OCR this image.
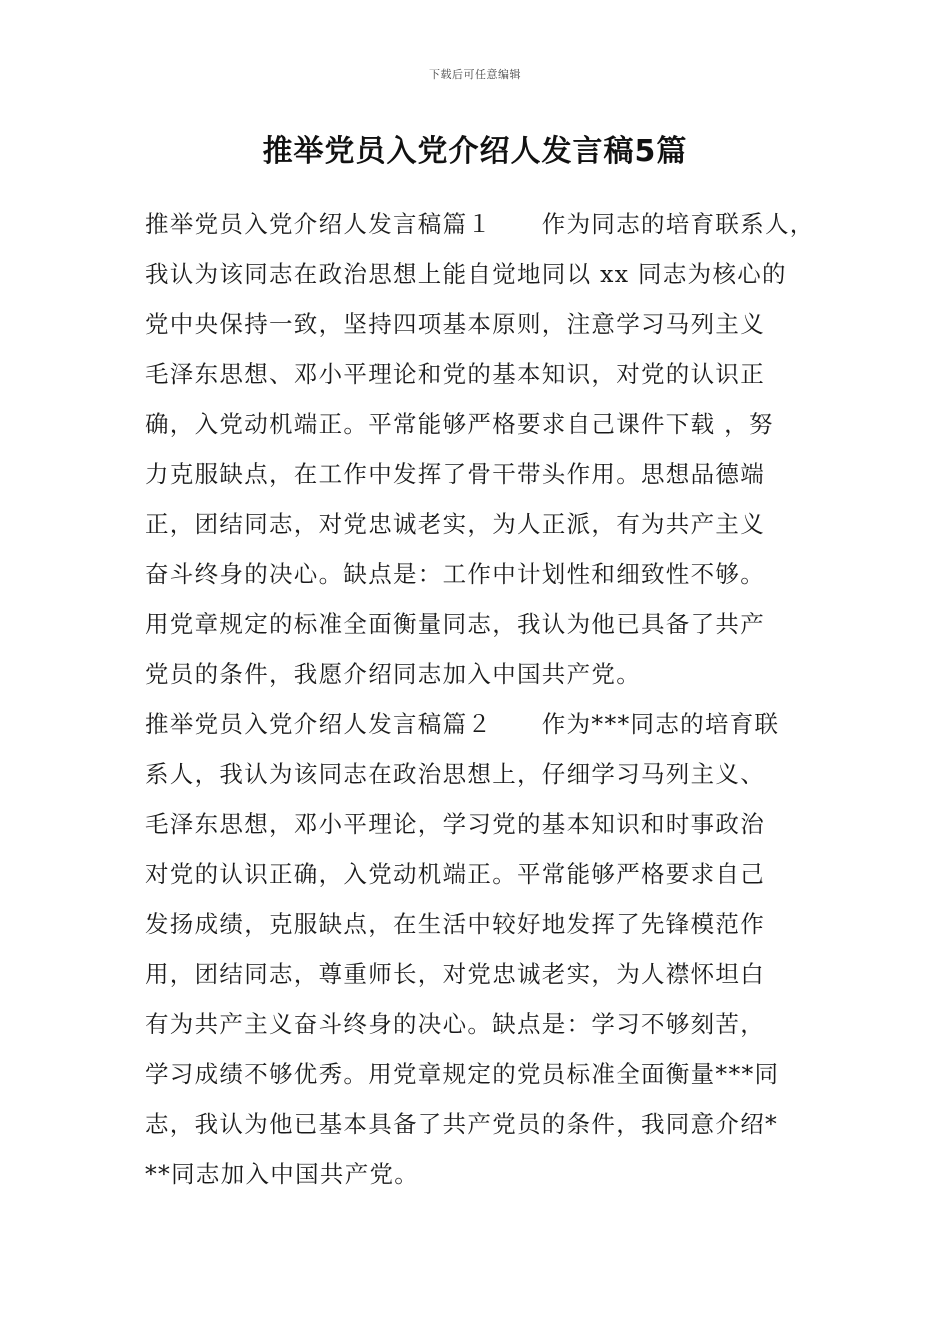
下载后可任意编辑
推举党员入党介绍人发言稿5篇
推举党员入党介绍人发言稿篇１　　作为同志的培育联系人，
我认为该同志在政治思想上能自觉地同以 xx 同志为核心的
党中央保持一致，坚持四项基本原则，注意学习马列主义
毛泽东思想、邓小平理论和党的基本知识，对党的认识正
确，入党动机端正。平常能够严格要求自己课件下载 ，努
力克服缺点，在工作中发挥了骨干带头作用。思想品德端
正，团结同志，对党忠诚老实，为人正派，有为共产主义
奋斗终身的决心。缺点是：工作中计划性和细致性不够。
用党章规定的标准全面衡量同志，我认为他已具备了共产
党员的条件，我愿介绍同志加入中国共产党。
推举党员入党介绍人发言稿篇２　　作为***同志的培育联
系人，我认为该同志在政治思想上，仔细学习马列主义、
毛泽东思想，邓小平理论，学习党的基本知识和时事政治
对党的认识正确，入党动机端正。平常能够严格要求自己
发扬成绩，克服缺点，在生活中较好地发挥了先锋模范作
用，团结同志，尊重师长，对党忠诚老实，为人襟怀坦白
有为共产主义奋斗终身的决心。缺点是：学习不够刻苦，
学习成绩不够优秀。用党章规定的党员标准全面衡量***同
志，我认为他已基本具备了共产党员的条件，我同意介绍*
**同志加入中国共产党。
